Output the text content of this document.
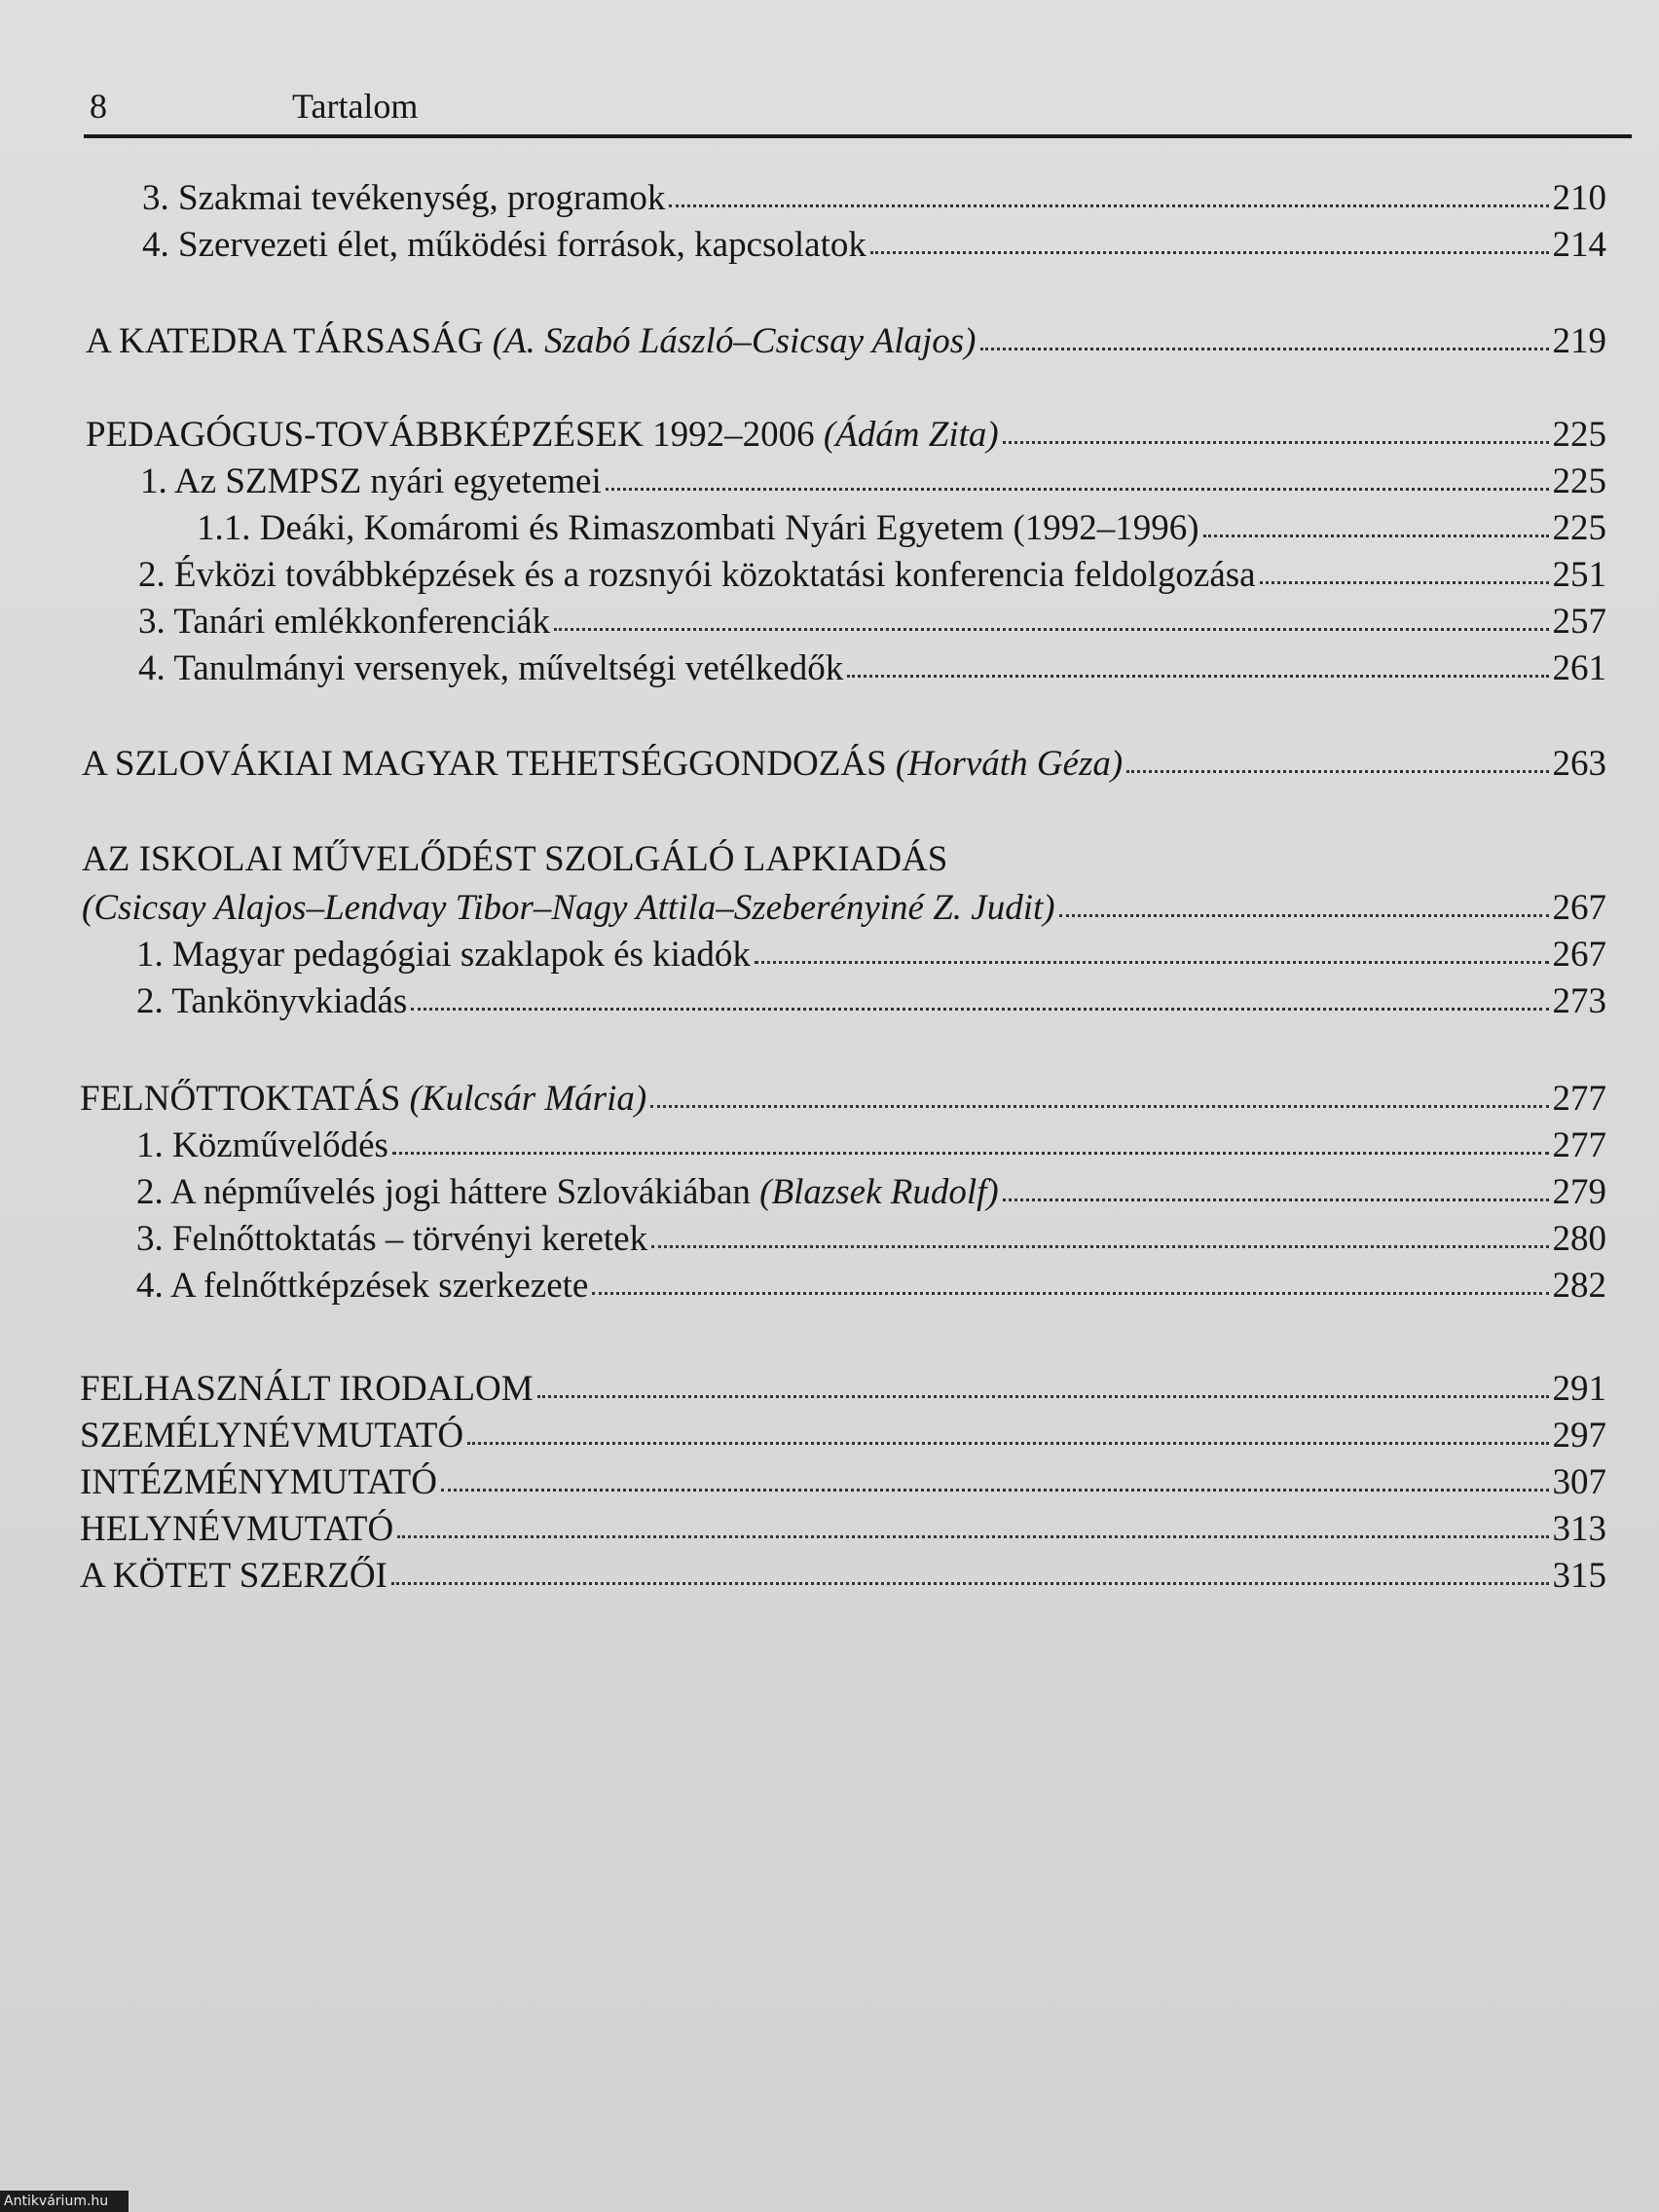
8	Tartalom
3. Szakmai tevékenység, programok	210
4. Szervezeti élet, működési források, kapcsolatok	214
A KATEDRA TÁRSASÁG (A. Szabó László–Csicsay Alajos)	219
PEDAGÓGUS-TOVÁBBKÉPZÉSEK 1992–2006 (Ádám Zita)	225
1. Az SZMPSZ nyári egyetemei	225
1.1. Deáki, Komáromi és Rimaszombati Nyári Egyetem (1992–1996)	225
2. Évközi továbbképzések és a rozsnyói közoktatási konferencia feldolgozása	251
3. Tanári emlékkonferenciák	257
4. Tanulmányi versenyek, műveltségi vetélkedők	261
A SZLOVÁKIAI MAGYAR TEHETSÉGGONDOZÁS (Horváth Géza)	263
AZ ISKOLAI MŰVELŐDÉST SZOLGÁLÓ LAPKIADÁS
(Csicsay Alajos–Lendvay Tibor–Nagy Attila–Szeberényiné Z. Judit)	267
1. Magyar pedagógiai szaklapok és kiadók	267
2. Tankönyvkiadás	273
FELNŐTTOKTATÁS (Kulcsár Mária)	277
1. Közművelődés	277
2. A népművelés jogi háttere Szlovákiában (Blazsek Rudolf)	279
3. Felnőttoktatás – törvényi keretek	280
4. A felnőttképzések szerkezete	282
FELHASZNÁLT IRODALOM	291
SZEMÉLYNÉVMUTATÓ	297
INTÉZMÉNYMUTATÓ	307
HELYNÉVMUTATÓ	313
A KÖTET SZERZŐI	315
Antikvárium.hu
